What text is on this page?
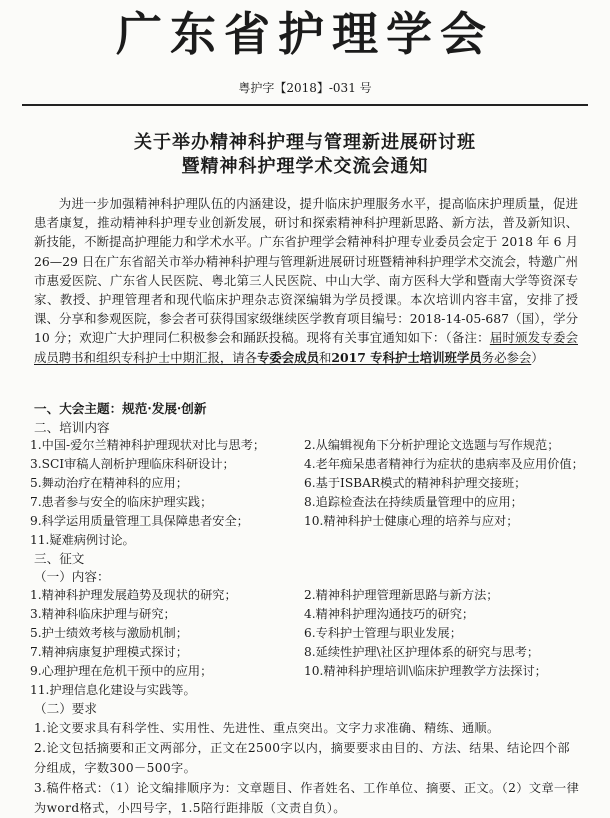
广东省护理学会
粤护字【2018】-031 号
关于举办精神科护理与管理新进展研讨班
暨精神科护理学术交流会通知

为进一步加强精神科护理队伍的内涵建设，提升临床护理服务水平，提高临床护理质量，促进患者康复，推动精神科护理专业创新发展，研讨和探索精神科护理新思路、新方法，普及新知识、新技能，不断提高护理能力和学术水平。广东省护理学会精神科护理专业委员会定于 2018 年 6 月 26—29 日在广东省韶关市举办精神科护理与管理新进展研讨班暨精神科护理学术交流会，特邀广州市惠爱医院、广东省人民医院、粤北第三人民医院、中山大学、南方医科大学和暨南大学等资深专家、教授、护理管理者和现代临床护理杂志资深编辑为学员授课。本次培训内容丰富，安排了授课、分享和参观医院，参会者可获得国家级继续医学教育项目编号：2018-14-05-687（国），学分 10 分；欢迎广大护理同仁积极参会和踊跃投稿。现将有关事宜通知如下：（备注：届时颁发专委会成员聘书和组织专科护士中期汇报，请各专委会成员和2017 专科护士培训班学员务必参会）

一、大会主题：规范·发展·创新
二、培训内容
1.中国-爱尔兰精神科护理现状对比与思考；	2.从编辑视角下分析护理论文选题与写作规范；
3.SCI审稿人剖析护理临床科研设计；	4.老年痴呆患者精神行为症状的患病率及应用价值；
5.舞动治疗在精神科的应用；	6.基于ISBAR模式的精神科护理交接班；
7.患者参与安全的临床护理实践；	8.追踪检查法在持续质量管理中的应用；
9.科学运用质量管理工具保障患者安全；	10.精神科护士健康心理的培养与应对；
11.疑难病例讨论。
三、征文
（一）内容：
1.精神科护理发展趋势及现状的研究；	2.精神科护理管理新思路与新方法；
3.精神科临床护理与研究；	4.精神科护理沟通技巧的研究；
5.护士绩效考核与激励机制；	6.专科护士管理与职业发展；
7.精神病康复护理模式探讨；	8.延续性护理\社区护理体系的研究与思考；
9.心理护理在危机干预中的应用；	10.精神科护理培训\临床护理教学方法探讨；
11.护理信息化建设与实践等。
（二）要求

1.论文要求具有科学性、实用性、先进性、重点突出。文字力求准确、精练、通顺。

2.论文包括摘要和正文两部分，正文在2500字以内，摘要要求由目的、方法、结果、结论四个部分组成，字数300－500字。

3.稿件格式：（1）论文编排顺序为：文章题目、作者姓名、工作单位、摘要、正文。（2）文章一律为word格式，小四号字，1.5陪行距排版（文责自负）。
